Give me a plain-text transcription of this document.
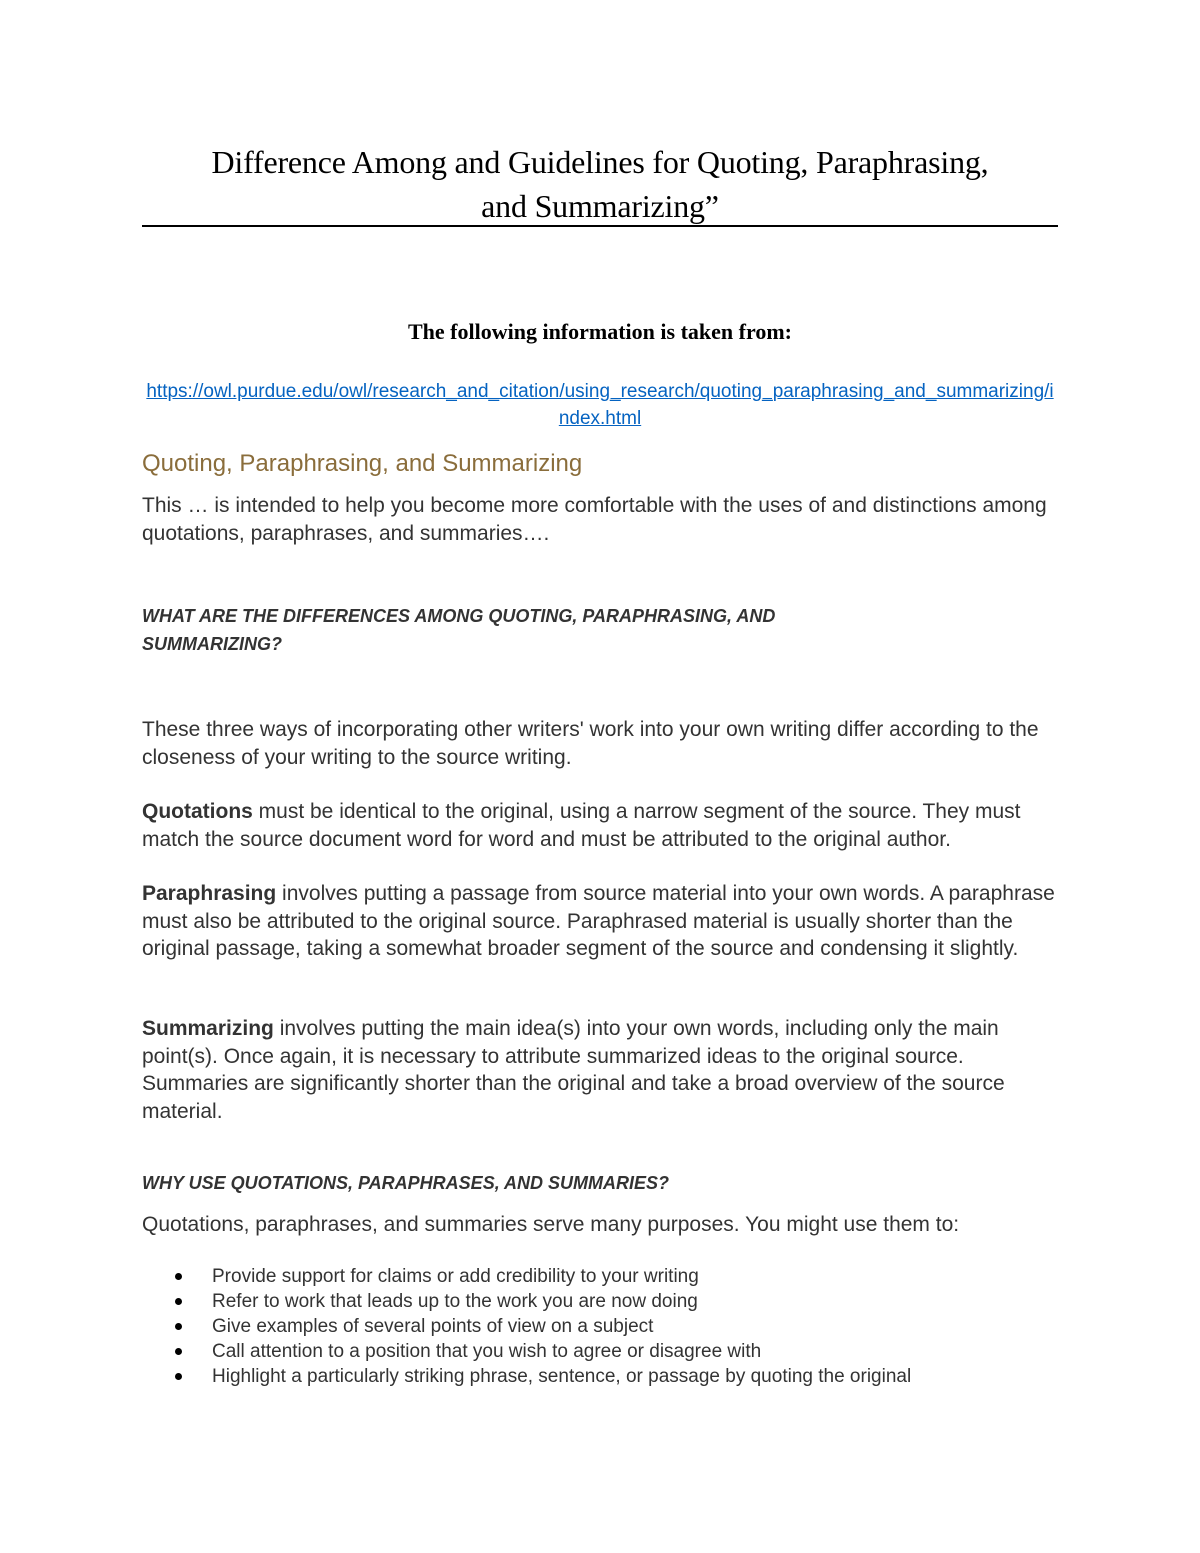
Difference Among and Guidelines for Quoting, Paraphrasing,
and Summarizing”
The following information is taken from:
https://owl.purdue.edu/owl/research_and_citation/using_research/quoting_paraphrasing_and_summarizing/index.html
Quoting, Paraphrasing, and Summarizing
This … is intended to help you become more comfortable with the uses of and distinctions among quotations, paraphrases, and summaries….
WHAT ARE THE DIFFERENCES AMONG QUOTING, PARAPHRASING, AND
SUMMARIZING?
These three ways of incorporating other writers' work into your own writing differ according to the closeness of your writing to the source writing.
Quotations must be identical to the original, using a narrow segment of the source. They must match the source document word for word and must be attributed to the original author.
Paraphrasing involves putting a passage from source material into your own words. A paraphrase must also be attributed to the original source. Paraphrased material is usually shorter than the original passage, taking a somewhat broader segment of the source and condensing it slightly.
Summarizing involves putting the main idea(s) into your own words, including only the main point(s). Once again, it is necessary to attribute summarized ideas to the original source. Summaries are significantly shorter than the original and take a broad overview of the source material.
WHY USE QUOTATIONS, PARAPHRASES, AND SUMMARIES?
Quotations, paraphrases, and summaries serve many purposes. You might use them to:
Provide support for claims or add credibility to your writing
Refer to work that leads up to the work you are now doing
Give examples of several points of view on a subject
Call attention to a position that you wish to agree or disagree with
Highlight a particularly striking phrase, sentence, or passage by quoting the original
